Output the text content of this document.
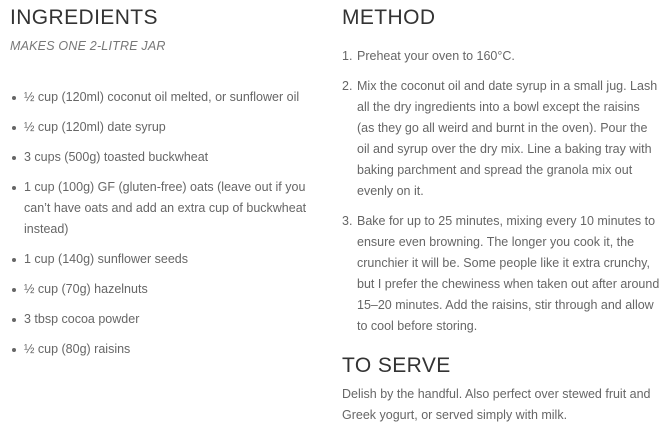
INGREDIENTS
MAKES ONE 2-LITRE JAR
½ cup (120ml) coconut oil melted, or sunflower oil
½ cup (120ml) date syrup
3 cups (500g) toasted buckwheat
1 cup (100g) GF (gluten-free) oats (leave out if you can’t have oats and add an extra cup of buckwheat instead)
1 cup (140g) sunflower seeds
½ cup (70g) hazelnuts
3 tbsp cocoa powder
½ cup (80g) raisins
METHOD
1. Preheat your oven to 160°C.
2. Mix the coconut oil and date syrup in a small jug. Lash all the dry ingredients into a bowl except the raisins (as they go all weird and burnt in the oven). Pour the oil and syrup over the dry mix. Line a baking tray with baking parchment and spread the granola mix out evenly on it.
3. Bake for up to 25 minutes, mixing every 10 minutes to ensure even browning. The longer you cook it, the crunchier it will be. Some people like it extra crunchy, but I prefer the chewiness when taken out after around 15–20 minutes. Add the raisins, stir through and allow to cool before storing.
TO SERVE
Delish by the handful. Also perfect over stewed fruit and Greek yogurt, or served simply with milk.
